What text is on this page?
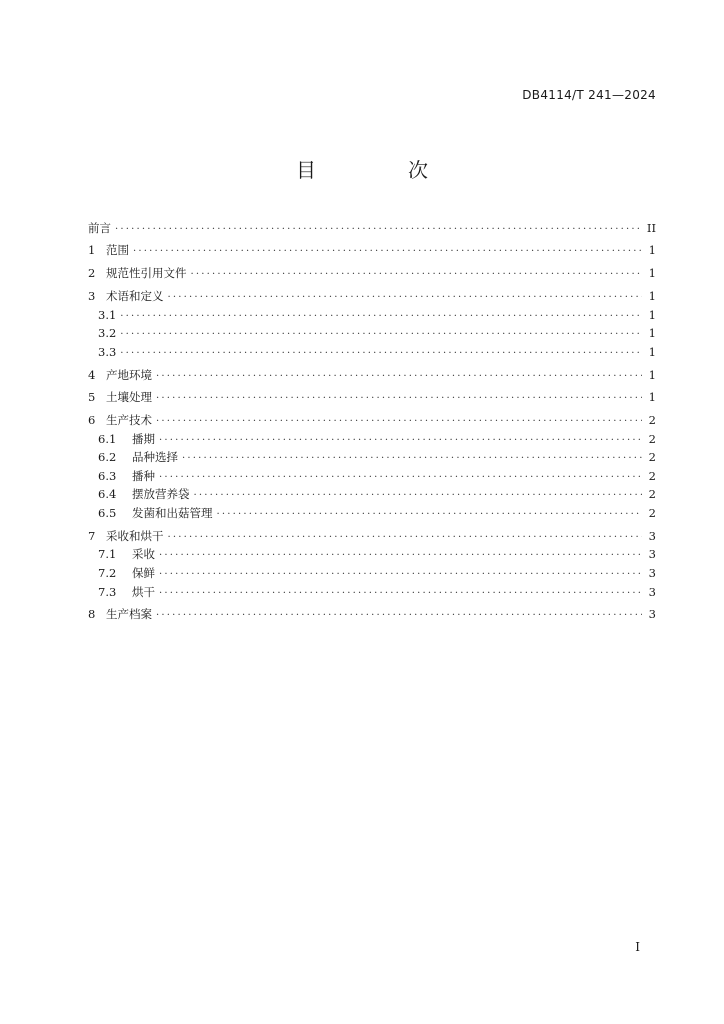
DB4114/T 241—2024
目　次
前言 .....	II
1 范围 .....	1
2 规范性引用文件 .....	1
3 术语和定义 .....	1
3.1 .....	1
3.2 .....	1
3.3 .....	1
4 产地环境 .....	1
5 土壤处理 .....	1
6 生产技术 .....	2
6.1	播期 .....	2
6.2	品种选择 .....	2
6.3	播种 .....	2
6.4	摆放营养袋 .....	2
6.5	发菌和出菇管理 .....	2
7 采收和烘干 .....	3
7.1	采收 .....	3
7.2	保鲜 .....	3
7.3	烘干 .....	3
8 生产档案 .....	3
I
